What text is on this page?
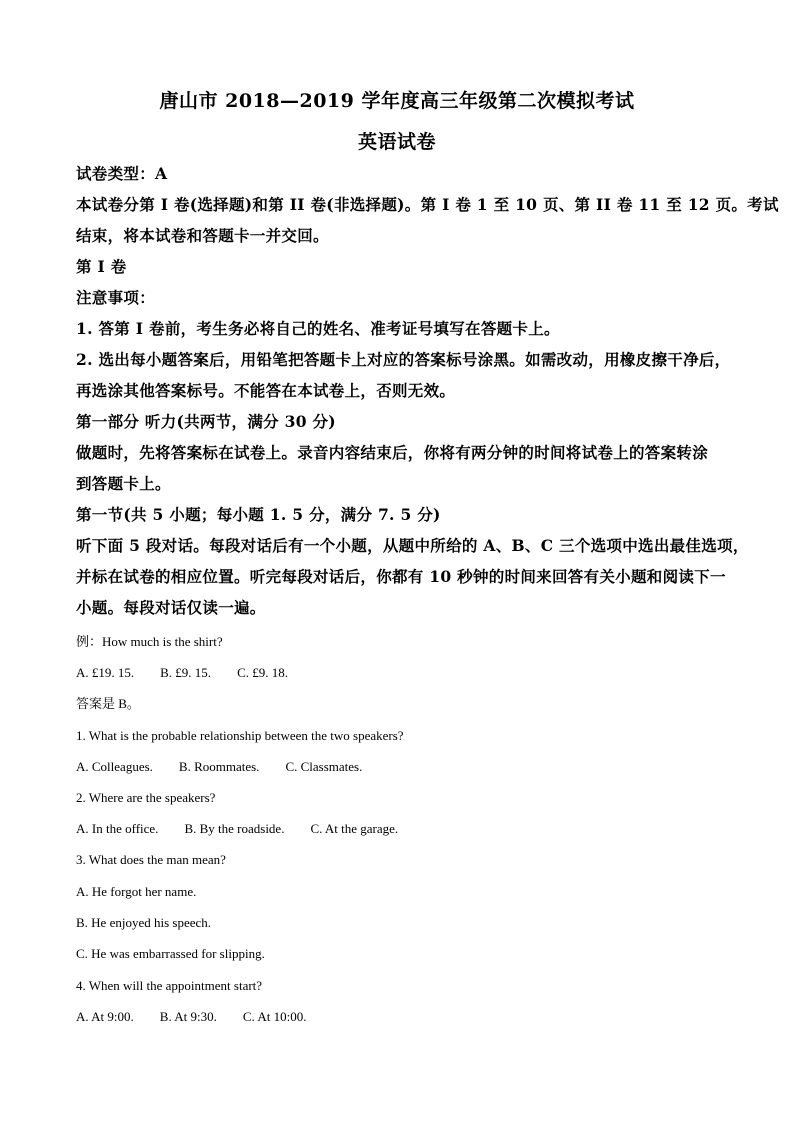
唐山市 2018—2019 学年度高三年级第二次模拟考试
英语试卷
试卷类型：A
本试卷分第 I 卷(选择题)和第 II 卷(非选择题)。第 I 卷 1 至 10 页、第 II 卷 11 至 12 页。考试
结束，将本试卷和答题卡一并交回。
第 I 卷
注意事项：
1. 答第 I 卷前，考生务必将自己的姓名、准考证号填写在答题卡上。
2. 选出每小题答案后，用铅笔把答题卡上对应的答案标号涂黑。如需改动，用橡皮擦干净后，
再选涂其他答案标号。不能答在本试卷上，否则无效。
第一部分 听力(共两节，满分 30 分)
做题时，先将答案标在试卷上。录音内容结束后，你将有两分钟的时间将试卷上的答案转涂
到答题卡上。
第一节(共 5 小题；每小题 1. 5 分，满分 7. 5 分)
听下面 5 段对话。每段对话后有一个小题，从题中所给的 A、B、C 三个选项中选出最佳选项，
并标在试卷的相应位置。听完每段对话后，你都有 10 秒钟的时间来回答有关小题和阅读下一
小题。每段对话仅读一遍。
例：How much is the shirt?
A. £19. 15. B. £9. 15. C. £9. 18.
答案是 B。
1. What is the probable relationship between the two speakers?
A. Colleagues. B. Roommates. C. Classmates.
2. Where are the speakers?
A. In the office. B. By the roadside. C. At the garage.
3. What does the man mean?
A. He forgot her name.
B. He enjoyed his speech.
C. He was embarrassed for slipping.
4. When will the appointment start?
A. At 9:00. B. At 9:30. C. At 10:00.
